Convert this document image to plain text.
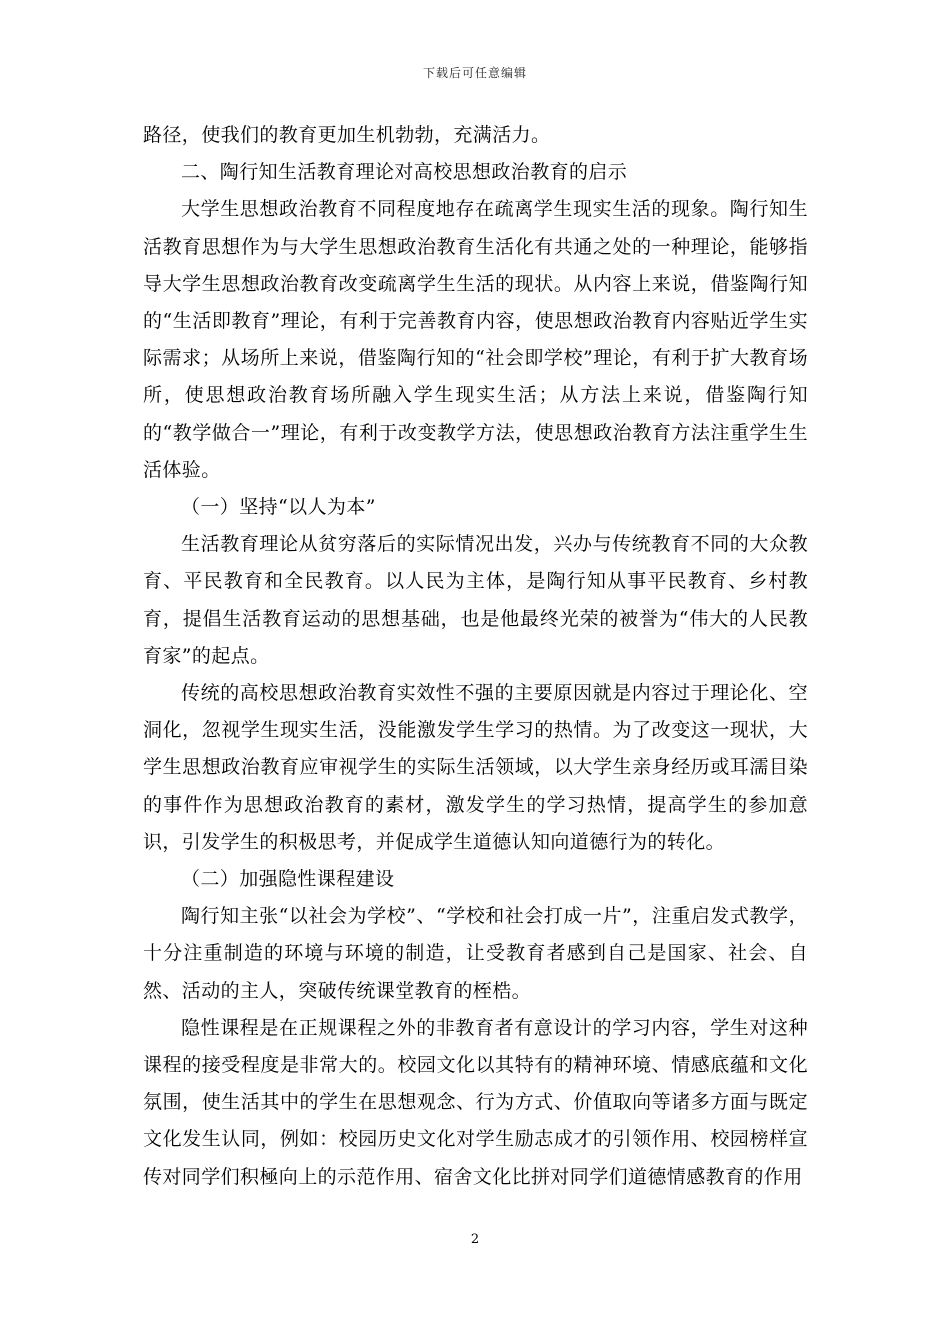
下载后可任意编辑

路径，使我们的教育更加生机勃勃，充满活力。

二、陶行知生活教育理论对高校思想政治教育的启示

大学生思想政治教育不同程度地存在疏离学生现实生活的现象。陶行知生活教育思想作为与大学生思想政治教育生活化有共通之处的一种理论，能够指导大学生思想政治教育改变疏离学生生活的现状。从内容上来说，借鉴陶行知的“生活即教育”理论，有利于完善教育内容，使思想政治教育内容贴近学生实际需求；从场所上来说，借鉴陶行知的“社会即学校”理论，有利于扩大教育场所，使思想政治教育场所融入学生现实生活；从方法上来说，借鉴陶行知的“教学做合一”理论，有利于改变教学方法，使思想政治教育方法注重学生生活体验。

（一）坚持“以人为本”

生活教育理论从贫穷落后的实际情况出发，兴办与传统教育不同的大众教育、平民教育和全民教育。以人民为主体，是陶行知从事平民教育、乡村教育，提倡生活教育运动的思想基础，也是他最终光荣的被誉为“伟大的人民教育家”的起点。

传统的高校思想政治教育实效性不强的主要原因就是内容过于理论化、空洞化，忽视学生现实生活，没能激发学生学习的热情。为了改变这一现状，大学生思想政治教育应审视学生的实际生活领域，以大学生亲身经历或耳濡目染的事件作为思想政治教育的素材，激发学生的学习热情，提高学生的参加意识，引发学生的积极思考，并促成学生道德认知向道德行为的转化。

（二）加强隐性课程建设

陶行知主张“以社会为学校”、“学校和社会打成一片”，注重启发式教学，十分注重制造的环境与环境的制造，让受教育者感到自己是国家、社会、自然、活动的主人，突破传统课堂教育的桎梏。

隐性课程是在正规课程之外的非教育者有意设计的学习内容，学生对这种课程的接受程度是非常大的。校园文化以其特有的精神环境、情感底蕴和文化氛围，使生活其中的学生在思想观念、行为方式、价值取向等诸多方面与既定文化发生认同，例如：校园历史文化对学生励志成才的引领作用、校园榜样宣传对同学们积極向上的示范作用、宿舍文化比拼对同学们道德情感教育的作用

2
